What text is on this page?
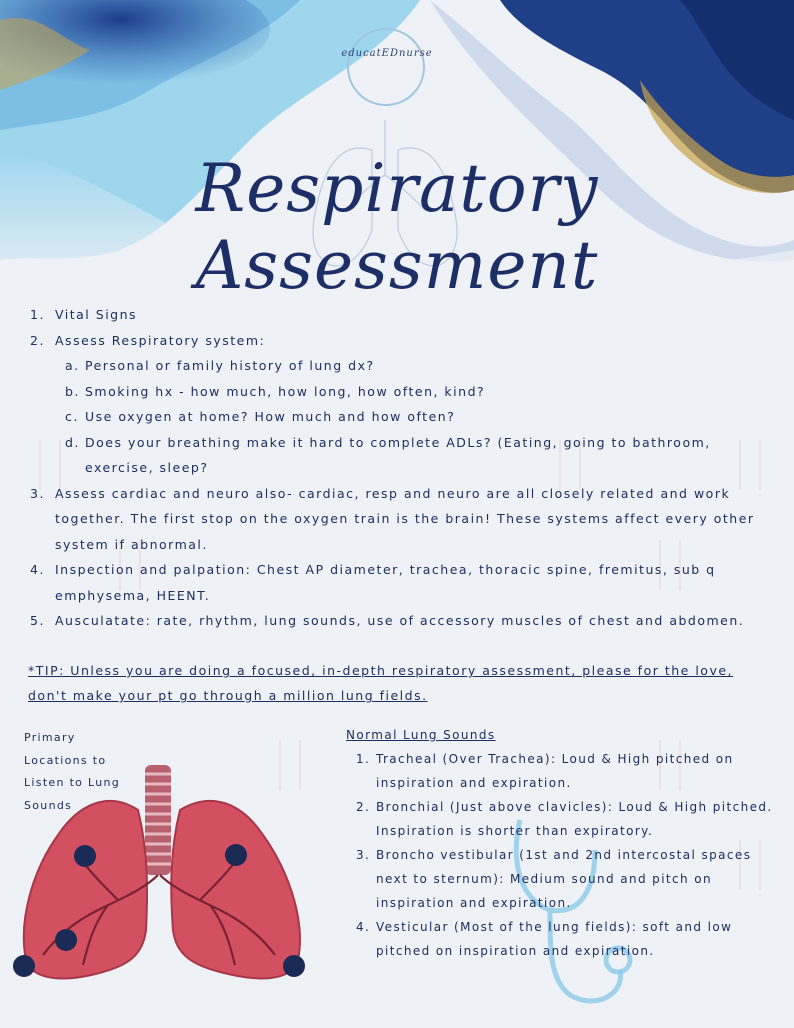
educatEDnurse
Respiratory Assessment
1. Vital Signs
2. Assess Respiratory system:
a. Personal or family history of lung dx?
b. Smoking hx - how much, how long, how often, kind?
c. Use oxygen at home? How much and how often?
d. Does your breathing make it hard to complete ADLs? (Eating, going to bathroom, exercise, sleep?
3. Assess cardiac and neuro also- cardiac, resp and neuro are all closely related and work together. The first stop on the oxygen train is the brain! These systems affect every other system if abnormal.
4. Inspection and palpation: Chest AP diameter, trachea, thoracic spine, fremitus, sub q emphysema, HEENT.
5. Ausculatate: rate, rhythm, lung sounds, use of accessory muscles of chest and abdomen.
*TIP: Unless you are doing a focused, in-depth respiratory assessment, please for the love, don't make your pt go through a million lung fields.
Primary Locations to Listen to Lung Sounds
Normal Lung Sounds
1. Tracheal (Over Trachea): Loud & High pitched on inspiration and expiration.
2. Bronchial (Just above clavicles): Loud & High pitched. Inspiration is shorter than expiratory.
3. Broncho vestibular (1st and 2nd intercostal spaces next to sternum): Medium sound and pitch on inspiration and expiration.
4. Vesticular (Most of the lung fields): soft and low pitched on inspiration and expiration.
